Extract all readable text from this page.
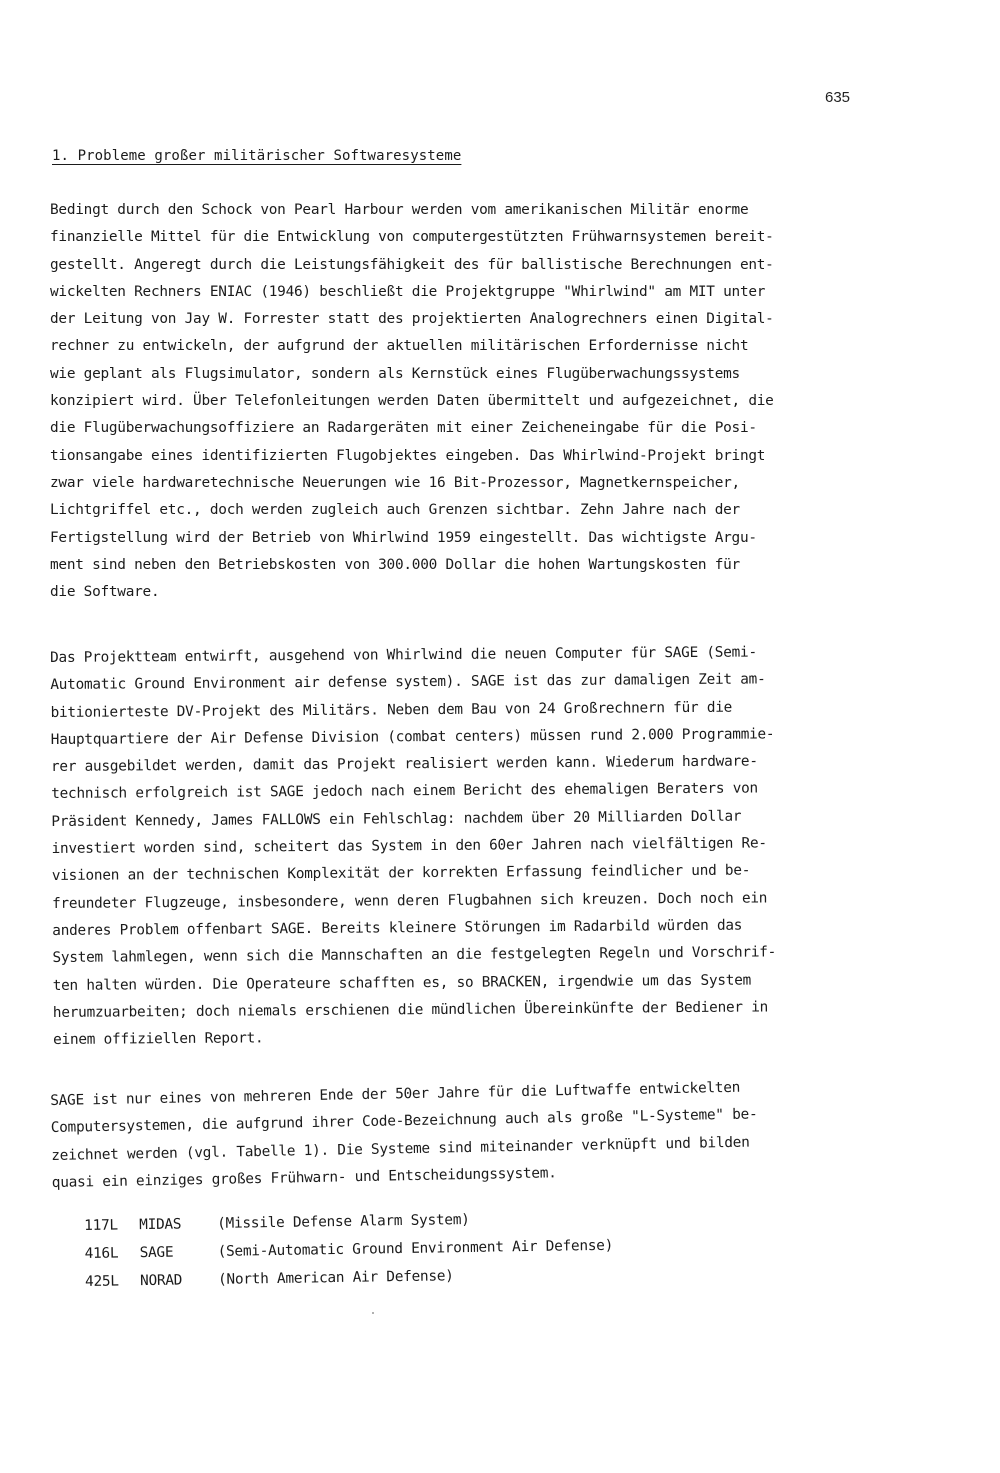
635
1. Probleme großer militärischer Softwaresysteme
Bedingt durch den Schock von Pearl Harbour werden vom amerikanischen Militär enorme
finanzielle Mittel für die Entwicklung von computergestützten Frühwarnsystemen bereit-
gestellt. Angeregt durch die Leistungsfähigkeit des für ballistische Berechnungen ent-
wickelten Rechners ENIAC (1946) beschließt die Projektgruppe "Whirlwind" am MIT unter
der Leitung von Jay W. Forrester statt des projektierten Analogrechners einen Digital-
rechner zu entwickeln, der aufgrund der aktuellen militärischen Erfordernisse nicht
wie geplant als Flugsimulator, sondern als Kernstück eines Flugüberwachungssystems
konzipiert wird. Über Telefonleitungen werden Daten übermittelt und aufgezeichnet, die
die Flugüberwachungsoffiziere an Radargeräten mit einer Zeicheneingabe für die Posi-
tionsangabe eines identifizierten Flugobjektes eingeben. Das Whirlwind-Projekt bringt
zwar viele hardwaretechnische Neuerungen wie 16 Bit-Prozessor, Magnetkernspeicher,
Lichtgriffel etc., doch werden zugleich auch Grenzen sichtbar. Zehn Jahre nach der
Fertigstellung wird der Betrieb von Whirlwind 1959 eingestellt. Das wichtigste Argu-
ment sind neben den Betriebskosten von 300.000 Dollar die hohen Wartungskosten für
die Software.
Das Projektteam entwirft, ausgehend von Whirlwind die neuen Computer für SAGE (Semi-
Automatic Ground Environment air defense system). SAGE ist das zur damaligen Zeit am-
bitionierteste DV-Projekt des Militärs. Neben dem Bau von 24 Großrechnern für die
Hauptquartiere der Air Defense Division (combat centers) müssen rund 2.000 Programmie-
rer ausgebildet werden, damit das Projekt realisiert werden kann. Wiederum hardware-
technisch erfolgreich ist SAGE jedoch nach einem Bericht des ehemaligen Beraters von
Präsident Kennedy, James FALLOWS ein Fehlschlag: nachdem über 20 Milliarden Dollar
investiert worden sind, scheitert das System in den 60er Jahren nach vielfältigen Re-
visionen an der technischen Komplexität der korrekten Erfassung feindlicher und be-
freundeter Flugzeuge, insbesondere, wenn deren Flugbahnen sich kreuzen. Doch noch ein
anderes Problem offenbart SAGE. Bereits kleinere Störungen im Radarbild würden das
System lahmlegen, wenn sich die Mannschaften an die festgelegten Regeln und Vorschrif-
ten halten würden. Die Operateure schafften es, so BRACKEN, irgendwie um das System
herumzuarbeiten; doch niemals erschienen die mündlichen Übereinkünfte der Bediener in
einem offiziellen Report.
SAGE ist nur eines von mehreren Ende der 50er Jahre für die Luftwaffe entwickelten
Computersystemen, die aufgrund ihrer Code-Bezeichnung auch als große "L-Systeme" be-
zeichnet werden (vgl. Tabelle 1). Die Systeme sind miteinander verknüpft und bilden
quasi ein einziges großes Frühwarn- und Entscheidungssystem.
117L	MIDAS	(Missile Defense Alarm System)
416L	SAGE	(Semi-Automatic Ground Environment Air Defense)
425L	NORAD	(North American Air Defense)
